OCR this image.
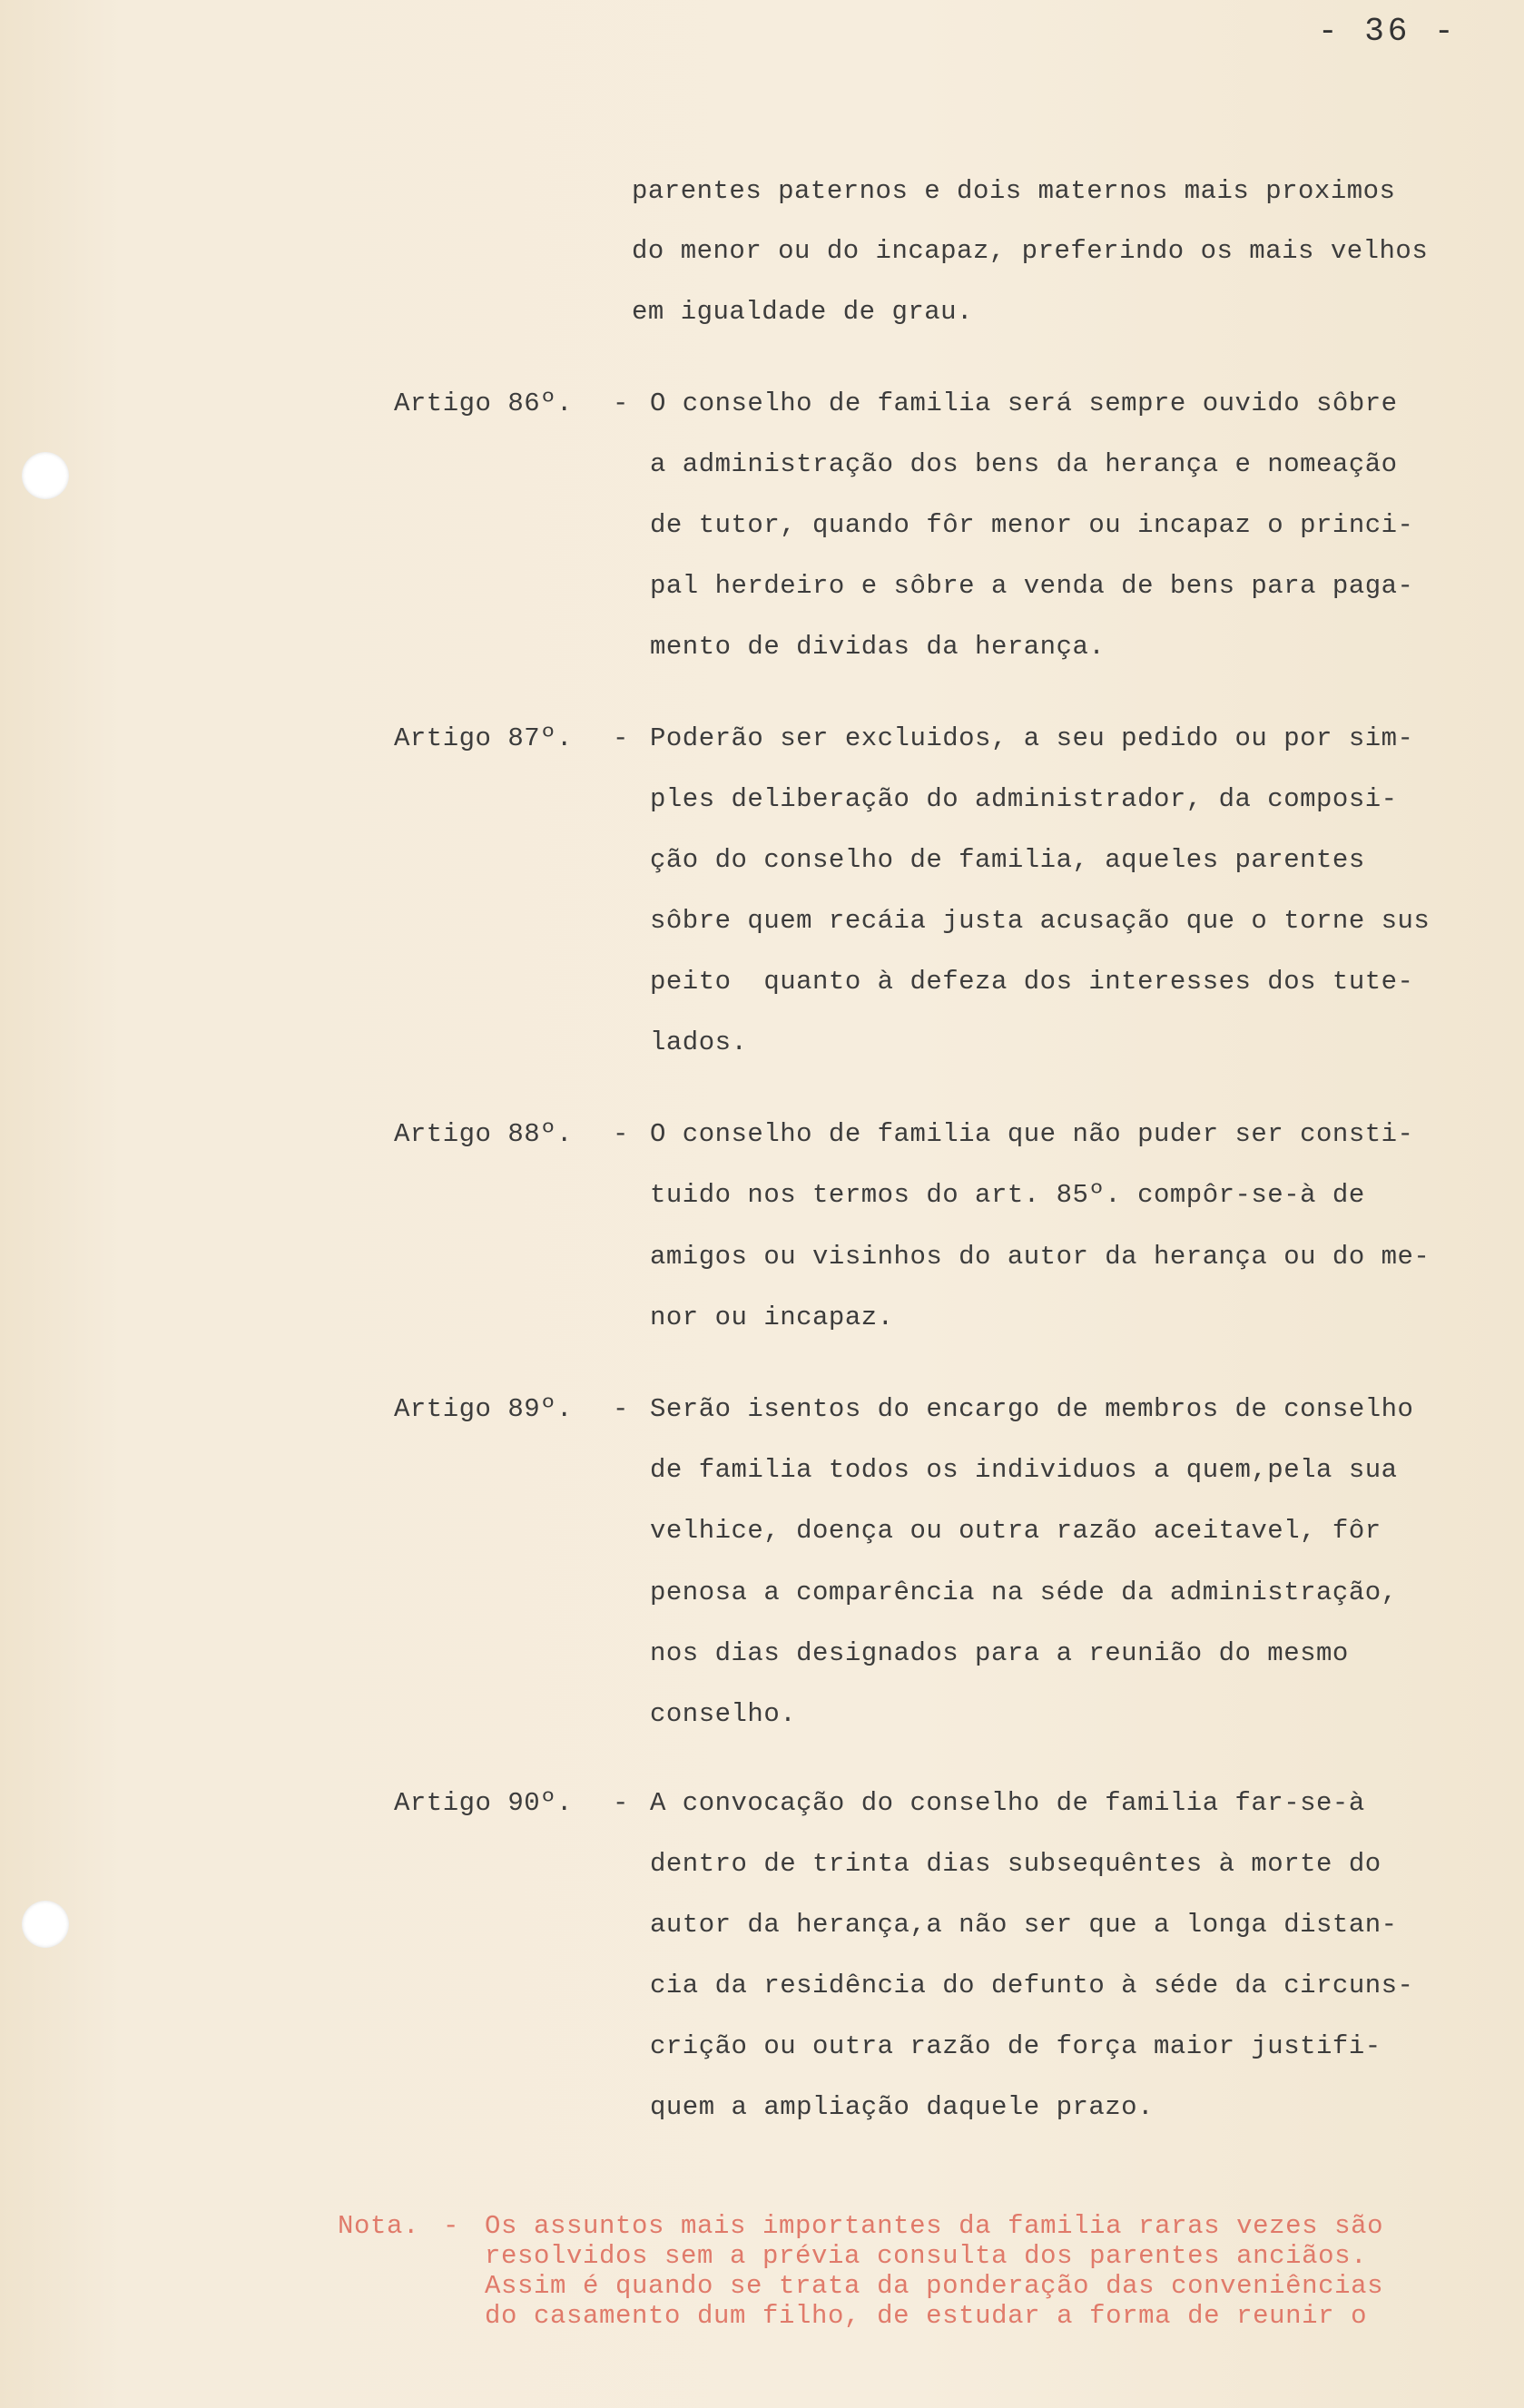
- 36 -
parentes paternos e dois maternos mais proximos
do menor ou do incapaz, preferindo os mais velhos
em igualdade de grau.
Artigo 86º. - O conselho de familia será sempre ouvido sôbre
a administração dos bens da herança e nomeação
de tutor, quando fôr menor ou incapaz o princi-
pal herdeiro e sôbre a venda de bens para paga-
mento de dividas da herança.
Artigo 87º. - Poderão ser excluidos, a seu pedido ou por sim-
ples deliberação do administrador, da composi-
ção do conselho de familia, aqueles parentes
sôbre quem recáia justa acusação que o torne sus
peito  quanto à defeza dos interesses dos tute-
lados.
Artigo 88º. - O conselho de familia que não puder ser consti-
tuido nos termos do art. 85º. compôr-se-à de
amigos ou visinhos do autor da herança ou do me-
nor ou incapaz.
Artigo 89º. - Serão isentos do encargo de membros de conselho
de familia todos os individuos a quem,pela sua
velhice, doença ou outra razão aceitavel, fôr
penosa a comparência na séde da administração,
nos dias designados para a reunião do mesmo
conselho.
Artigo 90º. - A convocação do conselho de familia far-se-à
dentro de trinta dias subsequêntes à morte do
autor da herança,a não ser que a longa distan-
cia da residência do defunto à séde da circuns-
crição ou outra razão de força maior justifi-
quem a ampliação daquele prazo.
Nota. - Os assuntos mais importantes da familia raras vezes são
resolvidos sem a prévia consulta dos parentes anciãos.
Assim é quando se trata da ponderação das conveniências
do casamento dum filho, de estudar a forma de reunir o
